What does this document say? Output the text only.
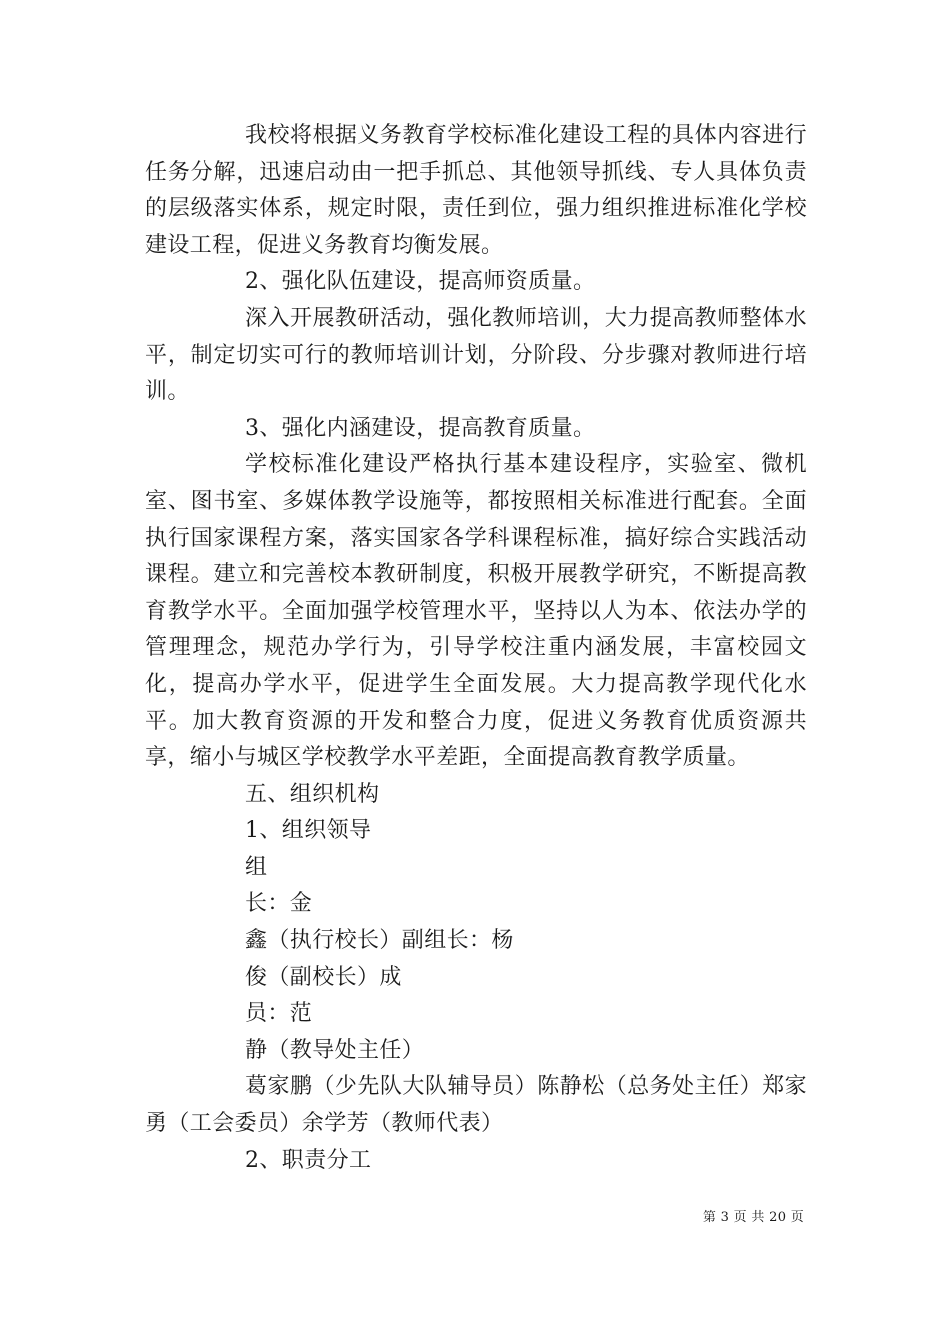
我校将根据义务教育学校标准化建设工程的具体内容进行任务分解，迅速启动由一把手抓总、其他领导抓线、专人具体负责的层级落实体系，规定时限，责任到位，强力组织推进标准化学校建设工程，促进义务教育均衡发展。

2、强化队伍建设，提高师资质量。

深入开展教研活动，强化教师培训，大力提高教师整体水平，制定切实可行的教师培训计划，分阶段、分步骤对教师进行培训。

3、强化内涵建设，提高教育质量。

学校标准化建设严格执行基本建设程序，实验室、微机室、图书室、多媒体教学设施等，都按照相关标准进行配套。全面执行国家课程方案，落实国家各学科课程标准，搞好综合实践活动课程。建立和完善校本教研制度，积极开展教学研究，不断提高教育教学水平。全面加强学校管理水平，坚持以人为本、依法办学的管理理念，规范办学行为，引导学校注重内涵发展，丰富校园文化，提高办学水平，促进学生全面发展。大力提高教学现代化水平。加大教育资源的开发和整合力度，促进义务教育优质资源共享，缩小与城区学校教学水平差距，全面提高教育教学质量。

五、组织机构

1、组织领导

组

长：金

鑫（执行校长）副组长：杨

俊（副校长）成

员：范

静（教导处主任）

葛家鹏（少先队大队辅导员）陈静松（总务处主任）郑家勇（工会委员）余学芳（教师代表）

2、职责分工

第 3 页 共 20 页
